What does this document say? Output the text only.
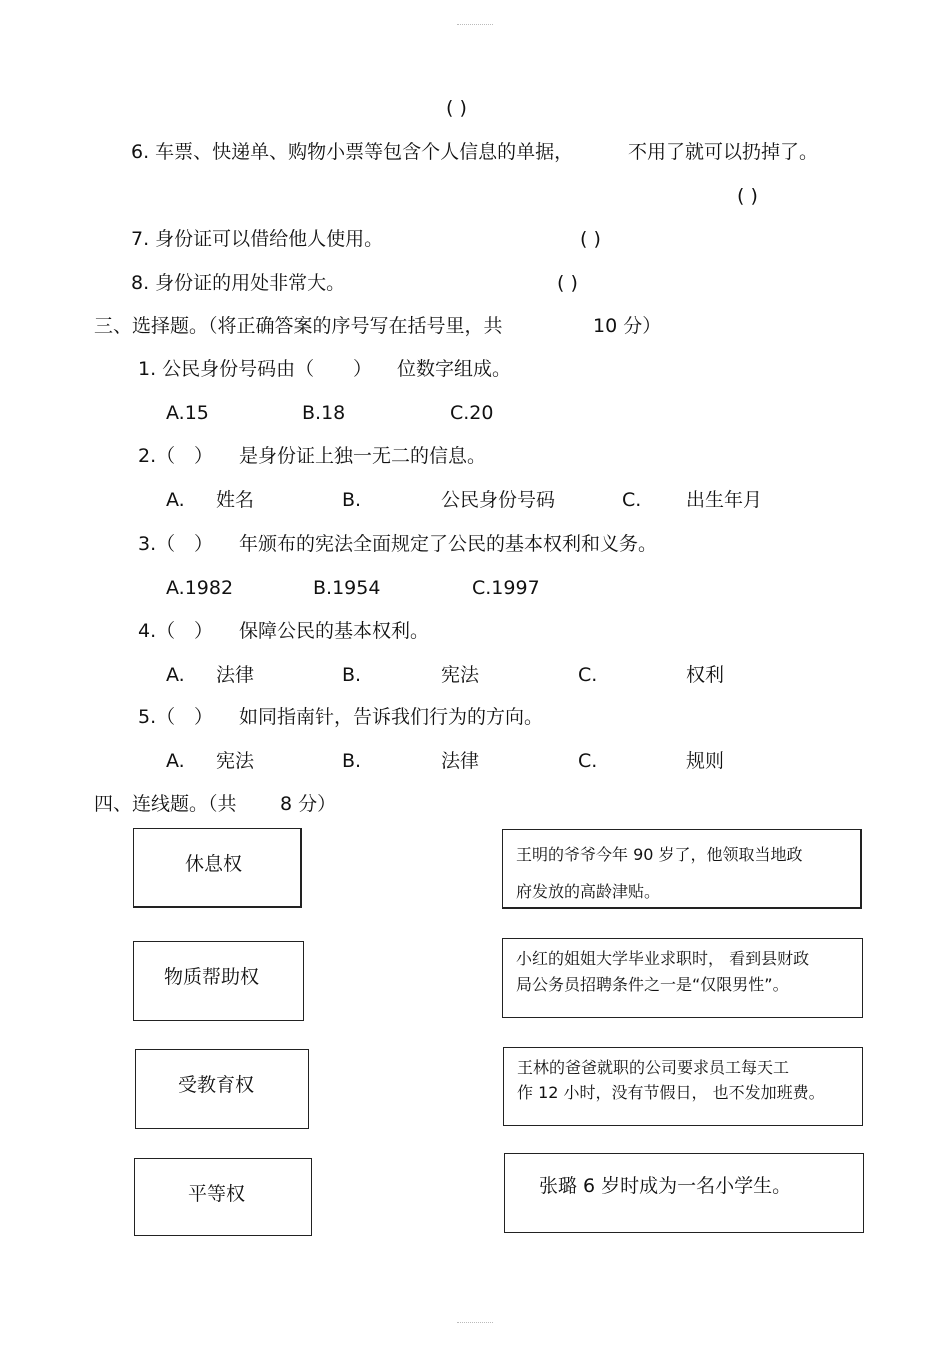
( )
6. 车票、快递单、购物小票等包含个人信息的单据，	不用了就可以扔掉了。
( )
7. 身份证可以借给他人使用。	( )
8. 身份证的用处非常大。	( )
三、选择题。（将正确答案的序号写在括号里，共	10 分）
1. 公民身份号码由（ ） 位数字组成。
A.15	B.18	C.20
2.（ ） 是身份证上独一无二的信息。
A. 姓名	B.	公民身份号码	C. 出生年月
3.（ ） 年颁布的宪法全面规定了公民的基本权利和义务。
A.1982	B.1954	C.1997
4.（ ） 保障公民的基本权利。
A. 法律	B.	宪法	C.	权利
5.（ ） 如同指南针，告诉我们行为的方向。
A. 宪法	B.	法律	C.	规则
四、连线题。（共 8 分）
休息权
物质帮助权
受教育权
平等权
王明的爷爷今年 90 岁了，他领取当地政
府发放的高龄津贴。
小红的姐姐大学毕业求职时， 看到县财政
局公务员招聘条件之一是“仅限男性”。
王林的爸爸就职的公司要求员工每天工
作 12 小时，没有节假日， 也不发加班费。
张璐 6 岁时成为一名小学生。
